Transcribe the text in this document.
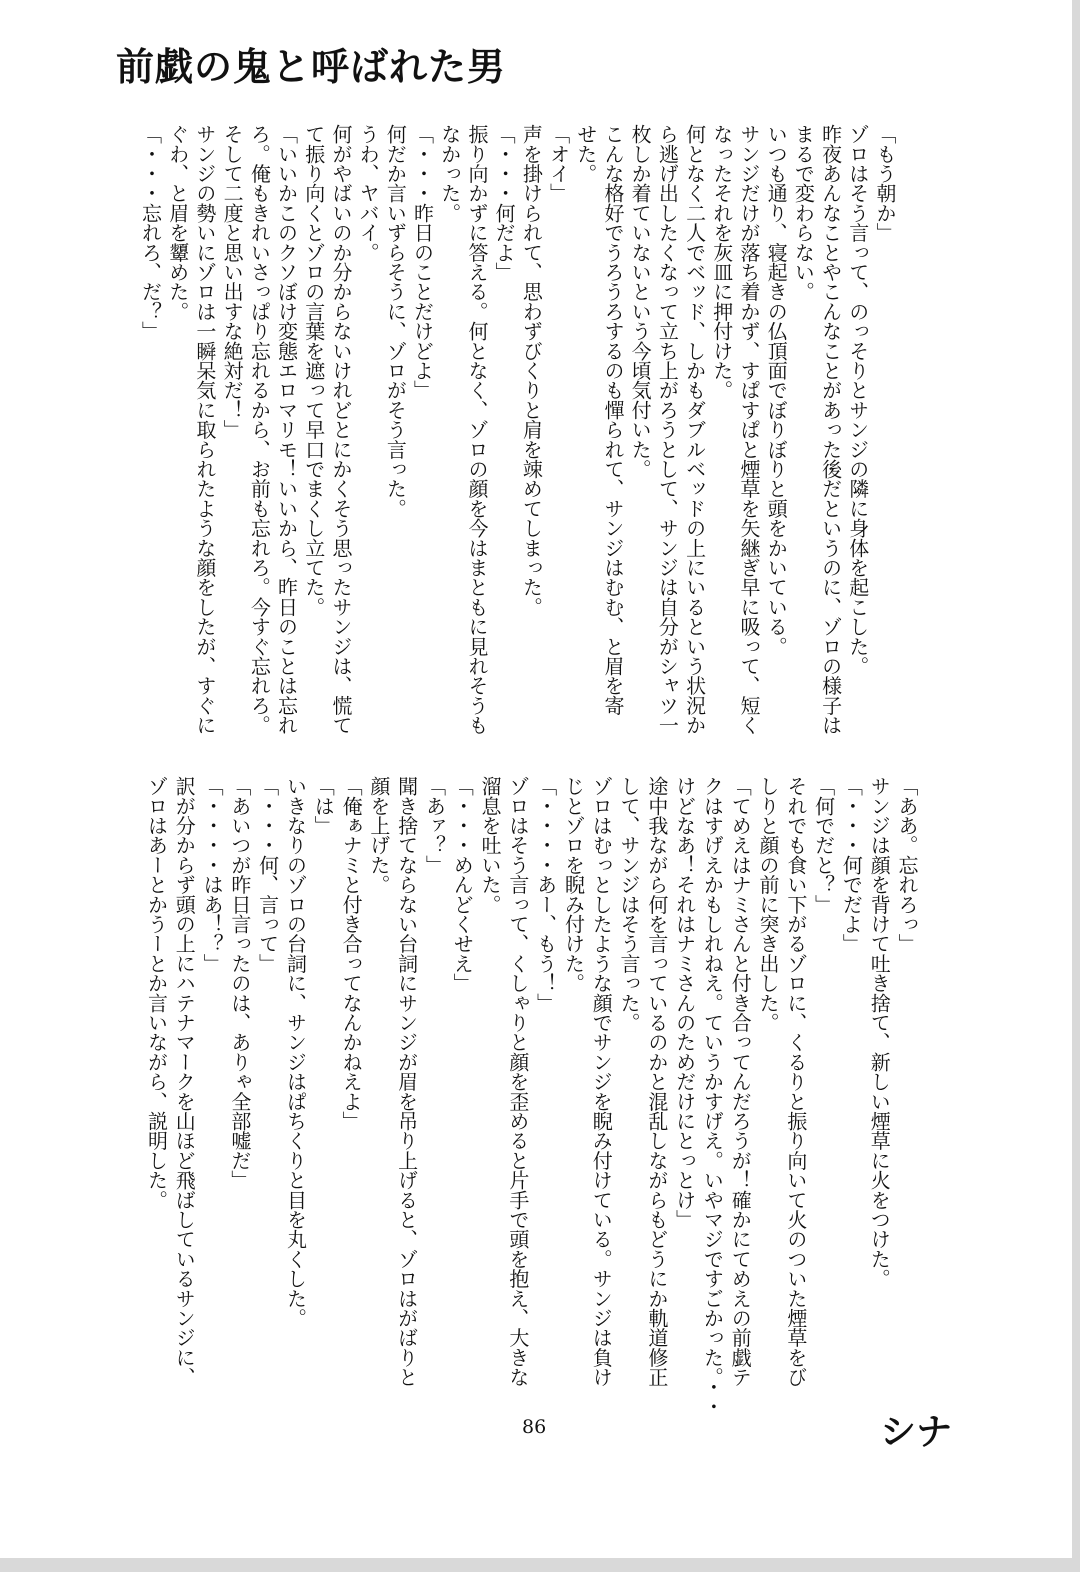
前戯の鬼と呼ばれた男
「もう朝か」
ゾロはそう言って、のっそりとサンジの隣に身体を起こした。
昨夜あんなことやこんなことがあった後だというのに、ゾロの様子は
まるで変わらない。
いつも通り、寝起きの仏頂面でぼりぼりと頭をかいている。
サンジだけが落ち着かず、すぱすぱと煙草を矢継ぎ早に吸って、短く
なったそれを灰皿に押付けた。
何となく二人でベッド、しかもダブルベッドの上にいるという状況か
ら逃げ出したくなって立ち上がろうとして、サンジは自分がシャツ一
枚しか着ていないという今頃気付いた。
こんな格好でうろうろするのも憚られて、サンジはむむ、と眉を寄
せた。
「オイ」
声を掛けられて、思わずびくりと肩を竦めてしまった。
「・・・何だよ」
振り向かずに答える。何となく、ゾロの顔を今はまともに見れそうも
なかった。
「・・・昨日のことだけどよ」
何だか言いずらそうに、ゾロがそう言った。
うわ、ヤバイ。
何がやばいのか分からないけれどとにかくそう思ったサンジは、慌て
て振り向くとゾロの言葉を遮って早口でまくし立てた。
「いいかこのクソぼけ変態エロマリモ！いいから、昨日のことは忘れ
ろ。俺もきれいさっぱり忘れるから、お前も忘れろ。今すぐ忘れろ。
そして二度と思い出すな絶対だ！」
サンジの勢いにゾロは一瞬呆気に取られたような顔をしたが、すぐに
ぐわ、と眉を顰めた。
「・・・忘れろ、だ？」
「ああ。忘れろっ」
サンジは顔を背けて吐き捨て、新しい煙草に火をつけた。
「・・・何でだよ」
「何でだと？」
それでも食い下がるゾロに、くるりと振り向いて火のついた煙草をび
しりと顔の前に突き出した。
「てめえはナミさんと付き合ってんだろうが！確かにてめえの前戯テ
クはすげえかもしれねえ。ていうかすげえ。いやマジですごかった。・・
けどなあ！それはナミさんのためだけにとっとけ」
途中我ながら何を言っているのかと混乱しながらもどうにか軌道修正
して、サンジはそう言った。
ゾロはむっとしたような顔でサンジを睨み付けている。サンジは負け
じとゾロを睨み付けた。
「・・・・あー、もう！」
ゾロはそう言って、くしゃりと顔を歪めると片手で頭を抱え、大きな
溜息を吐いた。
「・・・めんどくせえ」
「あァ？」
聞き捨てならない台詞にサンジが眉を吊り上げると、ゾロはがばりと
顔を上げた。
「俺ぁナミと付き合ってなんかねえよ」
「は」
いきなりのゾロの台詞に、サンジはぱちくりと目を丸くした。
「・・・何、言って」
「あいつが昨日言ったのは、ありゃ全部嘘だ」
「・・・・はあ！？」
訳が分からず頭の上にハテナマークを山ほど飛ばしているサンジに、
ゾロはあーとかうーとか言いながら、説明した。
86	シナ
